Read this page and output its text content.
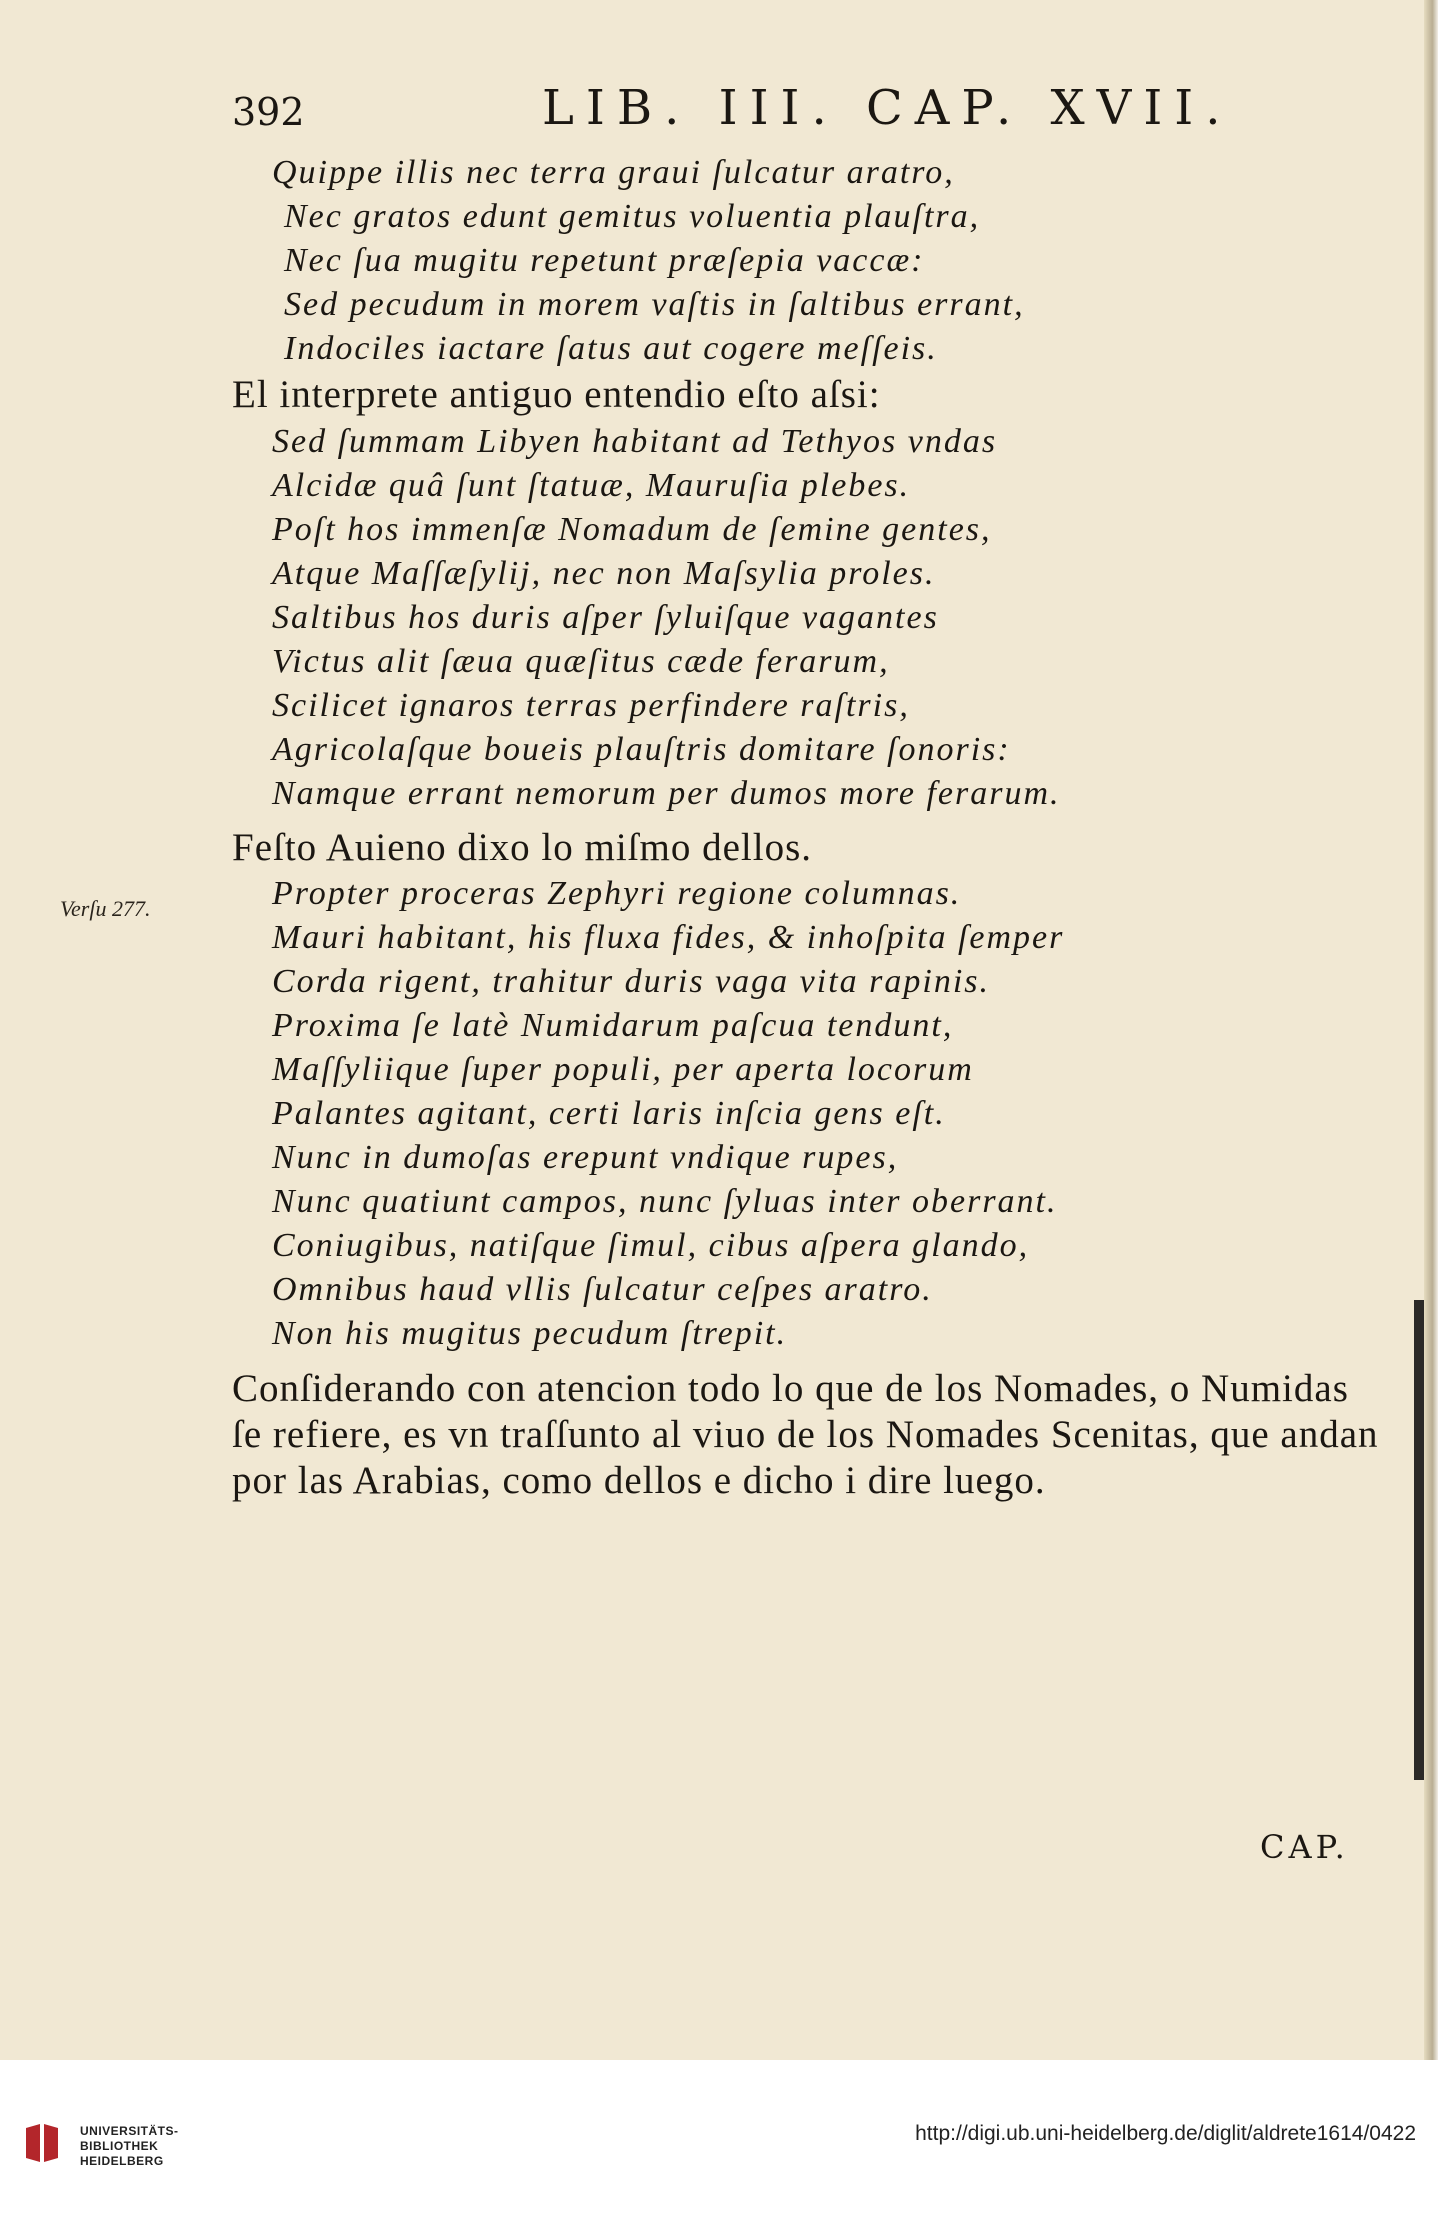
392	LIB. III. CAP. XVII.
Quippe illis nec terra graui ſulcatur aratro,
Nec gratos edunt gemitus voluentia plauſtra,
Nec ſua mugitu repetunt præſepia vaccæ:
Sed pecudum in morem vaſtis in ſaltibus errant,
Indociles iactare ſatus aut cogere meſſeis.
El interprete antiguo entendio eſto aſsi:
Sed ſummam Libyen habitant ad Tethyos vndas
Alcidæ quâ ſunt ſtatuæ, Mauruſia plebes.
Poſt hos immenſæ Nomadum de ſemine gentes,
Atque Maſſæſylij, nec non Maſsylia proles.
Saltibus hos duris aſper ſyluiſque vagantes
Victus alit ſæua quæſitus cæde ferarum,
Scilicet ignaros terras perfindere raſtris,
Agricolaſque boueis plauſtris domitare ſonoris:
Namque errant nemorum per dumos more ferarum.
Feſto Auieno dixo lo miſmo dellos.
Verſu 277.	Propter proceras Zephyri regione columnas.
Mauri habitant, his fluxa fides, & inhoſpita ſemper
Corda rigent, trahitur duris vaga vita rapinis.
Proxima ſe latè Numidarum paſcua tendunt,
Maſſyliique ſuper populi, per aperta locorum
Palantes agitant, certi laris inſcia gens eſt.
Nunc in dumoſas erepunt vndique rupes,
Nunc quatiunt campos, nunc ſyluas inter oberrant.
Coniugibus, natiſque ſimul, cibus aſpera glando,
Omnibus haud vllis ſulcatur ceſpes aratro.
Non his mugitus pecudum ſtrepit.
Conſiderando con atencion todo lo que de los Nomades, o Numidas
ſe refiere, es vn traſſunto al viuo de los Nomades Scenitas, que andan
por las Arabias, como dellos e dicho i dire luego.
CAP.
UNIVERSITÄTS-
BIBLIOTHEK
HEIDELBERG
http://digi.ub.uni-heidelberg.de/diglit/aldrete1614/0422
